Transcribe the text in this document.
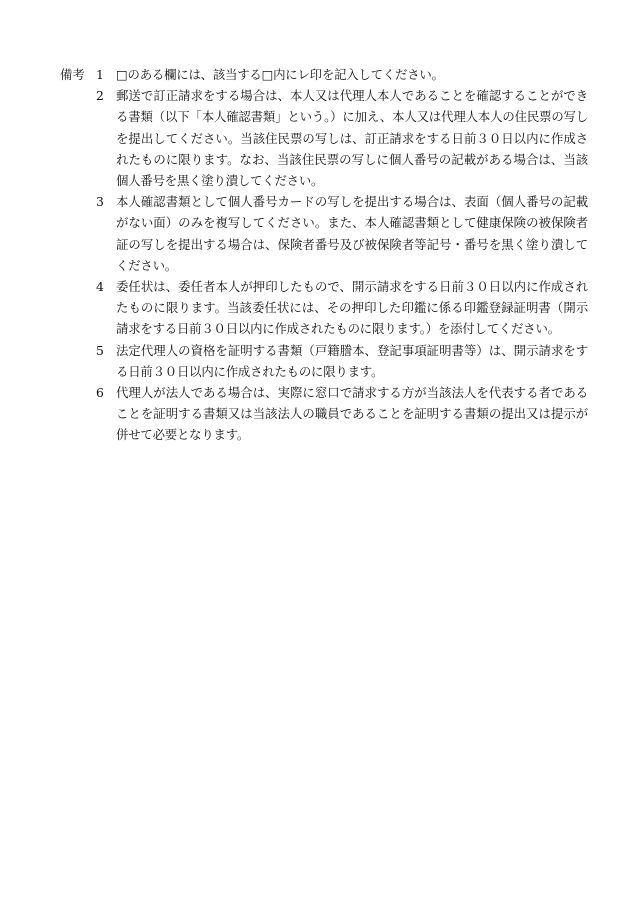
備考 1 □のある欄には、該当する□内にレ印を記入してください。
2 郵送で訂正請求をする場合は、本人又は代理人本人であることを確認することができる書類（以下「本人確認書類」という。）に加え、本人又は代理人本人の住民票の写しを提出してください。当該住民票の写しは、訂正請求をする日前３０日以内に作成されたものに限ります。なお、当該住民票の写しに個人番号の記載がある場合は、当該個人番号を黒く塗り潰してください。
3 本人確認書類として個人番号カードの写しを提出する場合は、表面（個人番号の記載がない面）のみを複写してください。また、本人確認書類として健康保険の被保険者証の写しを提出する場合は、保険者番号及び被保険者等記号・番号を黒く塗り潰してください。
4 委任状は、委任者本人が押印したもので、開示請求をする日前３０日以内に作成されたものに限ります。当該委任状には、その押印した印鑑に係る印鑑登録証明書（開示請求をする日前３０日以内に作成されたものに限ります。）を添付してください。
5 法定代理人の資格を証明する書類（戸籍謄本、登記事項証明書等）は、開示請求をする日前３０日以内に作成されたものに限ります。
6 代理人が法人である場合は、実際に窓口で請求する方が当該法人を代表する者であることを証明する書類又は当該法人の職員であることを証明する書類の提出又は提示が併せて必要となります。
